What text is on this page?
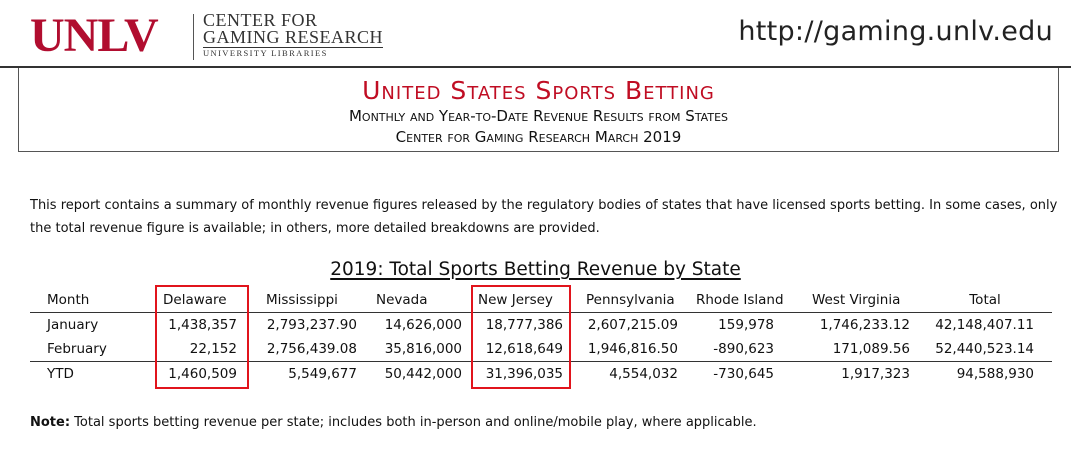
UNLV	CENTER FOR

GAMING RESEARCH
UNIVERSITY LIBRARIES
http://gaming.unlv.edu
United States Sports Betting
Monthly and Year-to-Date Revenue Results from States
Center for Gaming Research March 2019
This report contains a summary of monthly revenue figures released by the regulatory bodies of states that have licensed sports betting. In some cases, only the total revenue figure is available; in others, more detailed breakdowns are provided.
2019: Total Sports Betting Revenue by State
Month	Delaware	Mississippi	Nevada	New Jersey	Pennsylvania	Rhode Island	West Virginia	Total
January	1,438,357	2,793,237.90	14,626,000	18,777,386	2,607,215.09	159,978	1,746,233.12	42,148,407.11
February	22,152	2,756,439.08	35,816,000	12,618,649	1,946,816.50	-890,623	171,089.56	52,440,523.14
YTD	1,460,509	5,549,677	50,442,000	31,396,035	4,554,032	-730,645	1,917,323	94,588,930
Note: Total sports betting revenue per state; includes both in-person and online/mobile play, where applicable.
